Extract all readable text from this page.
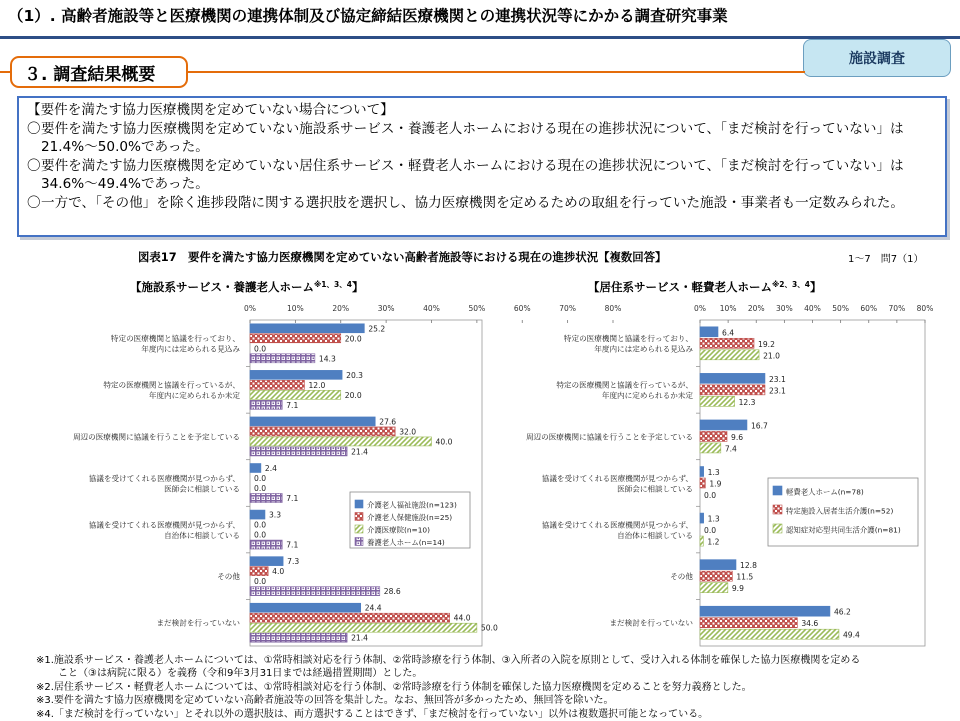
（1）. 高齢者施設等と医療機関の連携体制及び協定締結医療機関との連携状況等にかかる調査研究事業
施設調査
３. 調査結果概要

【要件を満たす協力医療機関を定めていない場合について】

〇 要件を満たす協力医療機関を定めていない施設系サービス・養護老人ホームにおける現在の進捗状況について、「まだ検討を行っていない」は21.4%～50.0%であった。
〇 要件を満たす協力医療機関を定めていない居住系サービス・軽費老人ホームにおける現在の進捗状況について、「まだ検討を行っていない」は34.6%～49.4%であった。
〇 一方で、「その他」を除く進捗段階に関する選択肢を選択し、協力医療機関を定めるための取組を行っていた施設・事業者も一定数みられた。
図表17　要件を満たす協力医療機関を定めていない高齢者施設等における現在の進捗状況【複数回答】	1～7　問7（1）
【施設系サービス・養護老人ホーム$^{※1、3、4}$】
0%	10%	20%	30%	40%	50%	60%	70%	80%
特定の医療機関と協議を行っており、年度内には定められる見込み
25.2
20.0
0.0
14.3
特定の医療機関と協議を行っているが、年度内に定められるか未定
20.3
12.0
20.0
7.1
周辺の医療機関に協議を行うことを予定している
27.6
32.0
40.0
21.4
協議を受けてくれる医療機関が見つからず、医師会に相談している
2.4
0.0
0.0
7.1
協議を受けてくれる医療機関が見つからず、自治体に相談している
3.3
0.0
0.0
7.1
その他
7.3
4.0
0.0
28.6
まだ検討を行っていない
24.4
44.0
50.0
21.4
介護老人福祉施設(n=123)
介護老人保健施設(n=25)
介護医療院(n=10)
養護老人ホーム(n=14)
【居住系サービス・軽費老人ホーム$^{※2、3、4}$】
0% 10% 20% 30% 40% 50% 60% 70% 80%
特定の医療機関と協議を行っており、年度内には定められる見込み
6.4
19.2
21.0
特定の医療機関と協議を行っているが、年度内に定められるか未定
23.1
23.1
12.3
周辺の医療機関に協議を行うことを予定している
16.7
9.6
7.4
協議を受けてくれる医療機関が見つからず、医師会に相談している
1.3
1.9
0.0
協議を受けてくれる医療機関が見つからず、自治体に相談している
1.3
0.0
1.2
その他
12.8
11.5
9.9
まだ検討を行っていない
46.2
34.6
49.4
軽費老人ホーム(n=78)
特定施設入居者生活介護(n=52)
認知症対応型共同生活介護(n=81)

※1.施設系サービス・養護老人ホームについては、①常時相談対応を行う体制、②常時診療を行う体制、③入所者の入院を原則として、受け入れる体制を確保した協力医療機関を定める

こと（③は病院に限る）を義務（令和9年3月31日までは経過措置期間）とした。

※2.居住系サービス・軽費老人ホームについては、①常時相談対応を行う体制、②常時診療を行う体制を確保した協力医療機関を定めることを努力義務とした。

※3.要件を満たす協力医療機関を定めていない高齢者施設等の回答を集計した。なお、無回答が多かったため、無回答を除いた。

※4.「まだ検討を行っていない」とそれ以外の選択肢は、両方選択することはできず、「まだ検討を行っていない」以外は複数選択可能となっている。
